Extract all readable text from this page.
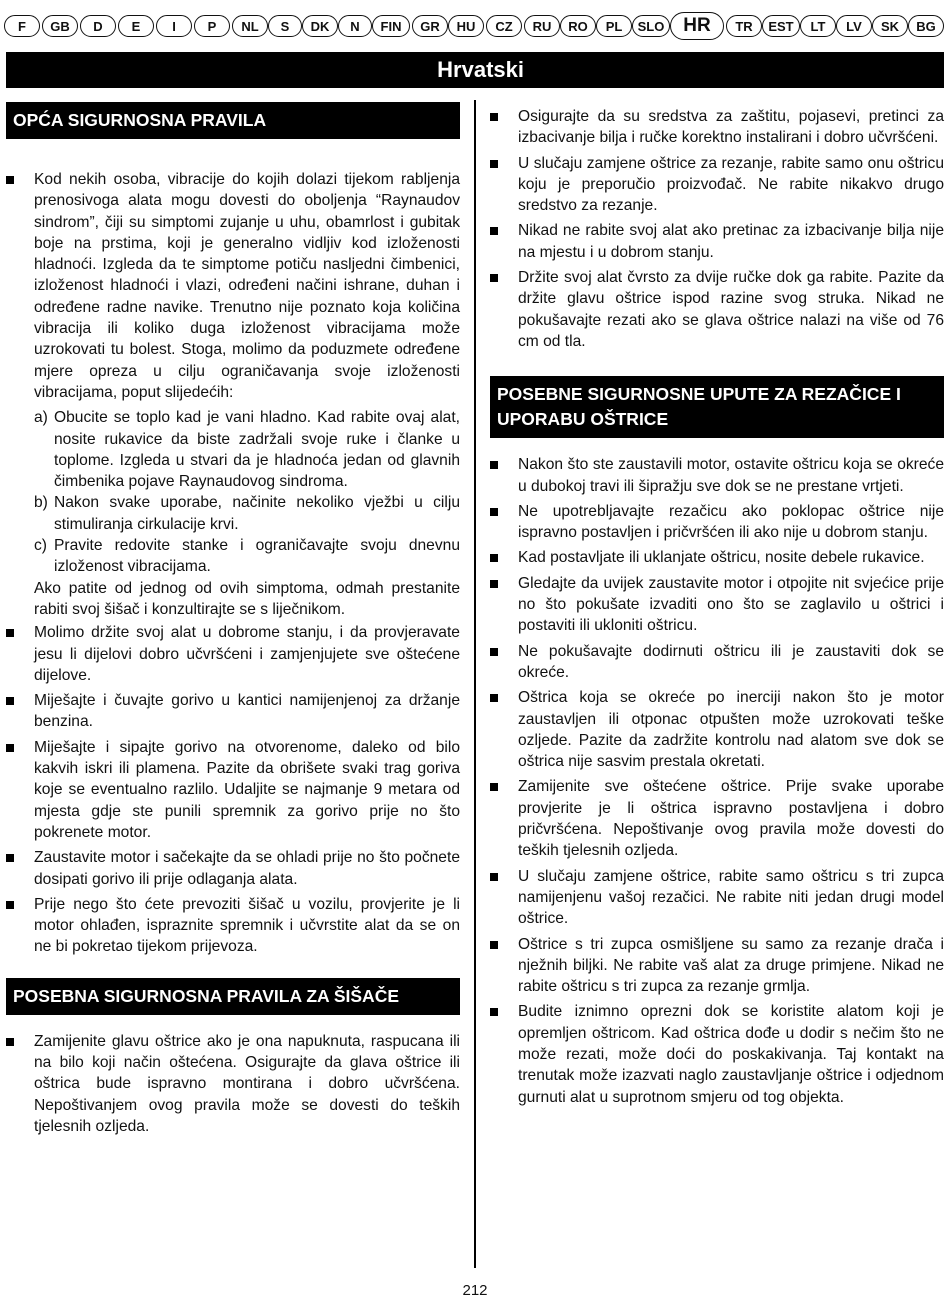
F	GB	D	E	I	P	NL	S	DK	N	FIN	GR	HU	CZ	RU	RO	PL	SLO HR	TR	EST	LT	LV	SK	BG
Hrvatski
OPĆA SIGURNOSNA PRAVILA
Kod nekih osoba, vibracije do kojih dolazi tijekom rabljenja prenosivoga alata mogu dovesti do oboljenja “Raynaudov sindrom”, čiji su simptomi zujanje u uhu, obamrlost i gubitak boje na prstima, koji je generalno vidljiv kod izloženosti hladnoći. Izgleda da te simptome potiču nasljedni čimbenici, izloženost hladnoći i vlazi, određeni načini ishrane, duhan i određene radne navike. Trenutno nije poznato koja količina vibracija ili koliko duga izloženost vibracijama može uzrokovati tu bolest. Stoga, molimo da poduzmete određene mjere opreza u cilju ograničavanja svoje izloženosti vibracijama, poput slijedećih:
a) Obucite se toplo kad je vani hladno. Kad rabite ovaj alat, nosite rukavice da biste zadržali svoje ruke i članke u toplome. Izgleda u stvari da je hladnoća jedan od glavnih čimbenika pojave Raynaudovog sindroma.
b) Nakon svake uporabe, načinite nekoliko vježbi u cilju stimuliranja cirkulacije krvi.
c) Pravite redovite stanke i ograničavajte svoju dnevnu izloženost vibracijama.

Ako patite od jednog od ovih simptoma, odmah prestanite rabiti svoj šišač i konzultirajte se s liječnikom.

Molimo držite svoj alat u dobrome stanju, i da provjeravate jesu li dijelovi dobro učvršćeni i zamjenjujete sve oštećene dijelove.
Miješajte i čuvajte gorivo u kantici namijenjenoj za držanje benzina.
Miješajte i sipajte gorivo na otvorenome, daleko od bilo kakvih iskri ili plamena. Pazite da obrišete svaki trag goriva koje se eventualno razlilo. Udaljite se najmanje 9 metara od mjesta gdje ste punili spremnik za gorivo prije no što pokrenete motor.
Zaustavite motor i sačekajte da se ohladi prije no što počnete dosipati gorivo ili prije odlaganja alata.
Prije nego što ćete prevoziti šišač u vozilu, provjerite je li motor ohlađen, ispraznite spremnik i učvrstite alat da se on ne bi pokretao tijekom prijevoza.
POSEBNA SIGURNOSNA PRAVILA ZA ŠIŠAČE
Zamijenite glavu oštrice ako je ona napuknuta, raspucana ili na bilo koji način oštećena. Osigurajte da glava oštrice ili oštrica bude ispravno montirana i dobro učvršćena. Nepoštivanjem ovog pravila može se dovesti do teških tjelesnih ozljeda.
Osigurajte da su sredstva za zaštitu, pojasevi, pretinci za izbacivanje bilja i ručke korektno instalirani i dobro učvršćeni.
U slučaju zamjene oštrice za rezanje, rabite samo onu oštricu koju je preporučio proizvođač. Ne rabite nikakvo drugo sredstvo za rezanje.
Nikad ne rabite svoj alat ako pretinac za izbacivanje bilja nije na mjestu i u dobrom stanju.
Držite svoj alat čvrsto za dvije ručke dok ga rabite. Pazite da držite glavu oštrice ispod razine svog struka. Nikad ne pokušavajte rezati ako se glava oštrice nalazi na više od 76 cm od tla.
POSEBNE SIGURNOSNE UPUTE ZA REZAČICE I UPORABU OŠTRICE
Nakon što ste zaustavili motor, ostavite oštricu koja se okreće u dubokoj travi ili šipražju sve dok se ne prestane vrtjeti.
Ne upotrebljavajte rezačicu ako poklopac oštrice nije ispravno postavljen i pričvršćen ili ako nije u dobrom stanju.
Kad postavljate ili uklanjate oštricu, nosite debele rukavice.
Gledajte da uvijek zaustavite motor i otpojite nit svjećice prije no što pokušate izvaditi ono što se zaglavilo u oštrici i postaviti ili ukloniti oštricu.
Ne pokušavajte dodirnuti oštricu ili je zaustaviti dok se okreće.
Oštrica koja se okreće po inerciji nakon što je motor zaustavljen ili otponac otpušten može uzrokovati teške ozljede. Pazite da zadržite kontrolu nad alatom sve dok se oštrica nije sasvim prestala okretati.
Zamijenite sve oštećene oštrice. Prije svake uporabe provjerite je li oštrica ispravno postavljena i dobro pričvršćena. Nepoštivanje ovog pravila može dovesti do teških tjelesnih ozljeda.
U slučaju zamjene oštrice, rabite samo oštricu s tri zupca namijenjenu vašoj rezačici. Ne rabite niti jedan drugi model oštrice.
Oštrice s tri zupca osmišljene su samo za rezanje drača i nježnih biljki. Ne rabite vaš alat za druge primjene. Nikad ne rabite oštricu s tri zupca za rezanje grmlja.
Budite iznimno oprezni dok se koristite alatom koji je opremljen oštricom. Kad oštrica dođe u dodir s nečim što ne može rezati, može doći do poskakivanja. Taj kontakt na trenutak može izazvati naglo zaustavljanje oštrice i odjednom gurnuti alat u suprotnom smjeru od tog objekta.
212
